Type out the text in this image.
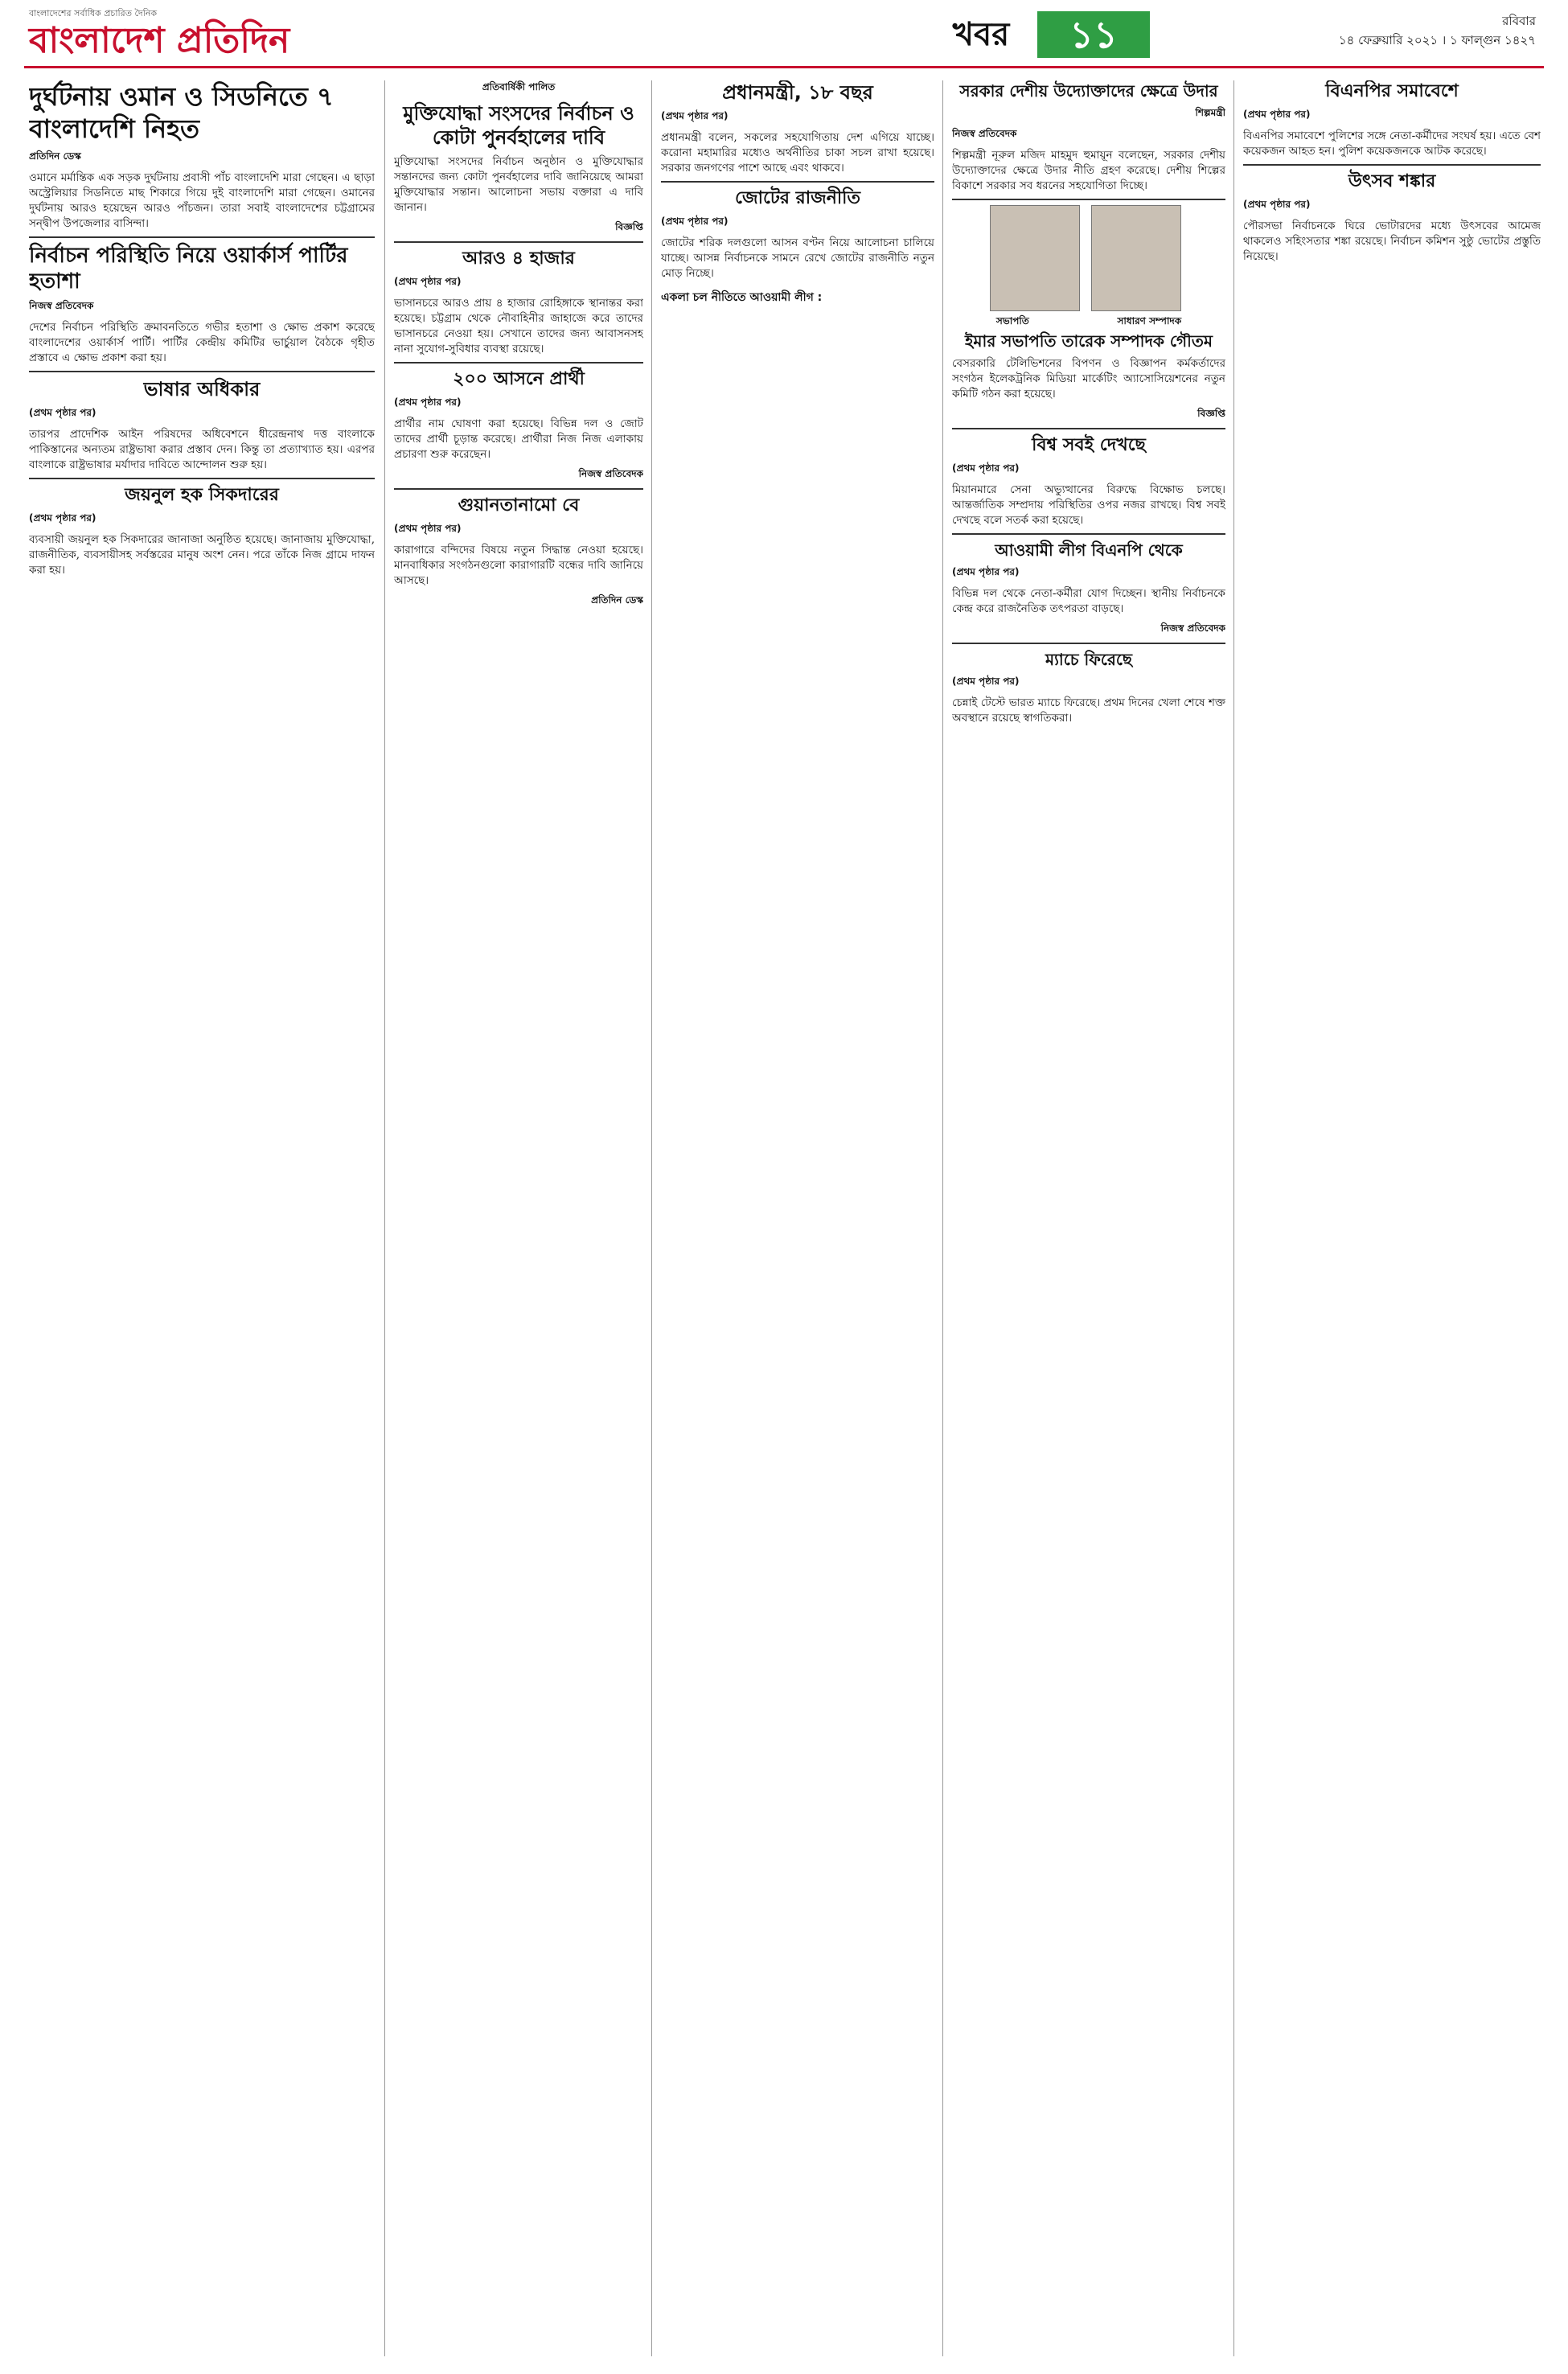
বাংলাদেশের সর্বাধিক প্রচারিত দৈনিক
বাংলাদেশ প্রতিদিন	খবর	১১	রবিবার
১৪ ফেব্রুয়ারি ২০২১ । ১ ফাল্গুন ১৪২৭
দুর্ঘটনায় ওমান ও সিডনিতে ৭ বাংলাদেশি নিহত
প্রতিদিন ডেস্ক

ওমানে মর্মান্তিক এক সড়ক দুর্ঘটনায় প্রবাসী পাঁচ বাংলাদেশি মারা গেছেন। এ ছাড়া অস্ট্রেলিয়ার সিডনিতে মাছ শিকারে গিয়ে দুই বাংলাদেশি মারা গেছেন। ওমানের দুর্ঘটনায় আরও হয়েছেন আরও পাঁচজন। তারা সবাই বাংলাদেশের চট্টগ্রামের সন্দ্বীপ উপজেলার বাসিন্দা।

নির্বাচন পরিস্থিতি নিয়ে ওয়ার্কার্স পার্টির হতাশা
নিজস্ব প্রতিবেদক

দেশের নির্বাচন পরিস্থিতি ক্রমাবনতিতে গভীর হতাশা ও ক্ষোভ প্রকাশ করেছে বাংলাদেশের ওয়ার্কার্স পার্টি। পার্টির কেন্দ্রীয় কমিটির ভার্চুয়াল বৈঠকে গৃহীত প্রস্তাবে এ ক্ষোভ প্রকাশ করা হয়।

ভাষার অধিকার
(প্রথম পৃষ্ঠার পর)

তারপর প্রাদেশিক আইন পরিষদের অধিবেশনে ধীরেন্দ্রনাথ দত্ত বাংলাকে পাকিস্তানের অন্যতম রাষ্ট্রভাষা করার প্রস্তাব দেন। কিন্তু তা প্রত্যাখ্যাত হয়। এরপর বাংলাকে রাষ্ট্রভাষার মর্যাদার দাবিতে আন্দোলন শুরু হয়।

জয়নুল হক সিকদারের
(প্রথম পৃষ্ঠার পর)

ব্যবসায়ী জয়নুল হক সিকদারের জানাজা অনুষ্ঠিত হয়েছে। জানাজায় মুক্তিযোদ্ধা, রাজনীতিক, ব্যবসায়ীসহ সর্বস্তরের মানুষ অংশ নেন। পরে তাঁকে নিজ গ্রামে দাফন করা হয়।

প্রতিবার্ষিকী পালিত
মুক্তিযোদ্ধা সংসদের নির্বাচন ও কোটা পুনর্বহালের দাবি

মুক্তিযোদ্ধা সংসদের নির্বাচন অনুষ্ঠান ও মুক্তিযোদ্ধার সন্তানদের জন্য কোটা পুনর্বহালের দাবি জানিয়েছে আমরা মুক্তিযোদ্ধার সন্তান। আলোচনা সভায় বক্তারা এ দাবি জানান।

বিজ্ঞপ্তি
আরও ৪ হাজার
(প্রথম পৃষ্ঠার পর)

ভাসানচরে আরও প্রায় ৪ হাজার রোহিঙ্গাকে স্থানান্তর করা হয়েছে। চট্টগ্রাম থেকে নৌবাহিনীর জাহাজে করে তাদের ভাসানচরে নেওয়া হয়। সেখানে তাদের জন্য আবাসনসহ নানা সুযোগ-সুবিধার ব্যবস্থা রয়েছে।

২০০ আসনে প্রার্থী
(প্রথম পৃষ্ঠার পর)

প্রার্থীর নাম ঘোষণা করা হয়েছে। বিভিন্ন দল ও জোট তাদের প্রার্থী চূড়ান্ত করেছে। প্রার্থীরা নিজ নিজ এলাকায় প্রচারণা শুরু করেছেন।

নিজস্ব প্রতিবেদক
গুয়ানতানামো বে
(প্রথম পৃষ্ঠার পর)

কারাগারে বন্দিদের বিষয়ে নতুন সিদ্ধান্ত নেওয়া হয়েছে। মানবাধিকার সংগঠনগুলো কারাগারটি বন্ধের দাবি জানিয়ে আসছে।

প্রতিদিন ডেস্ক
প্রধানমন্ত্রী, ১৮ বছর
(প্রথম পৃষ্ঠার পর)

প্রধানমন্ত্রী বলেন, সকলের সহযোগিতায় দেশ এগিয়ে যাচ্ছে। করোনা মহামারির মধ্যেও অর্থনীতির চাকা সচল রাখা হয়েছে। সরকার জনগণের পাশে আছে এবং থাকবে।

জোটের রাজনীতি
(প্রথম পৃষ্ঠার পর)

জোটের শরিক দলগুলো আসন বণ্টন নিয়ে আলোচনা চালিয়ে যাচ্ছে। আসন্ন নির্বাচনকে সামনে রেখে জোটের রাজনীতি নতুন মোড় নিচ্ছে।

একলা চল নীতিতে আওয়ামী লীগ :
সরকার দেশীয় উদ্যোক্তাদের ক্ষেত্রে উদার
শিল্পমন্ত্রী
নিজস্ব প্রতিবেদক

শিল্পমন্ত্রী নূরুল মজিদ মাহমুদ হুমায়ূন বলেছেন, সরকার দেশীয় উদ্যোক্তাদের ক্ষেত্রে উদার নীতি গ্রহণ করেছে। দেশীয় শিল্পের বিকাশে সরকার সব ধরনের সহযোগিতা দিচ্ছে।

সভাপতি	সাধারণ সম্পাদক
ইমার সভাপতি তারেক সম্পাদক গৌতম

বেসরকারি টেলিভিশনের বিপণন ও বিজ্ঞাপন কর্মকর্তাদের সংগঠন ইলেকট্রনিক মিডিয়া মার্কেটিং অ্যাসোসিয়েশনের নতুন কমিটি গঠন করা হয়েছে।

বিজ্ঞপ্তি
বিশ্ব সবই দেখছে
(প্রথম পৃষ্ঠার পর)

মিয়ানমারে সেনা অভ্যুত্থানের বিরুদ্ধে বিক্ষোভ চলছে। আন্তর্জাতিক সম্প্রদায় পরিস্থিতির ওপর নজর রাখছে। বিশ্ব সবই দেখছে বলে সতর্ক করা হয়েছে।

আওয়ামী লীগ বিএনপি থেকে
(প্রথম পৃষ্ঠার পর)

বিভিন্ন দল থেকে নেতা-কর্মীরা যোগ দিচ্ছেন। স্থানীয় নির্বাচনকে কেন্দ্র করে রাজনৈতিক তৎপরতা বাড়ছে।

নিজস্ব প্রতিবেদক
ম্যাচে ফিরেছে
(প্রথম পৃষ্ঠার পর)

চেন্নাই টেস্টে ভারত ম্যাচে ফিরেছে। প্রথম দিনের খেলা শেষে শক্ত অবস্থানে রয়েছে স্বাগতিকরা।

বিএনপির সমাবেশে
(প্রথম পৃষ্ঠার পর)

বিএনপির সমাবেশে পুলিশের সঙ্গে নেতা-কর্মীদের সংঘর্ষ হয়। এতে বেশ কয়েকজন আহত হন। পুলিশ কয়েকজনকে আটক করেছে।

উৎসব শঙ্কার
(প্রথম পৃষ্ঠার পর)

পৌরসভা নির্বাচনকে ঘিরে ভোটারদের মধ্যে উৎসবের আমেজ থাকলেও সহিংসতার শঙ্কা রয়েছে। নির্বাচন কমিশন সুষ্ঠু ভোটের প্রস্তুতি নিয়েছে।
